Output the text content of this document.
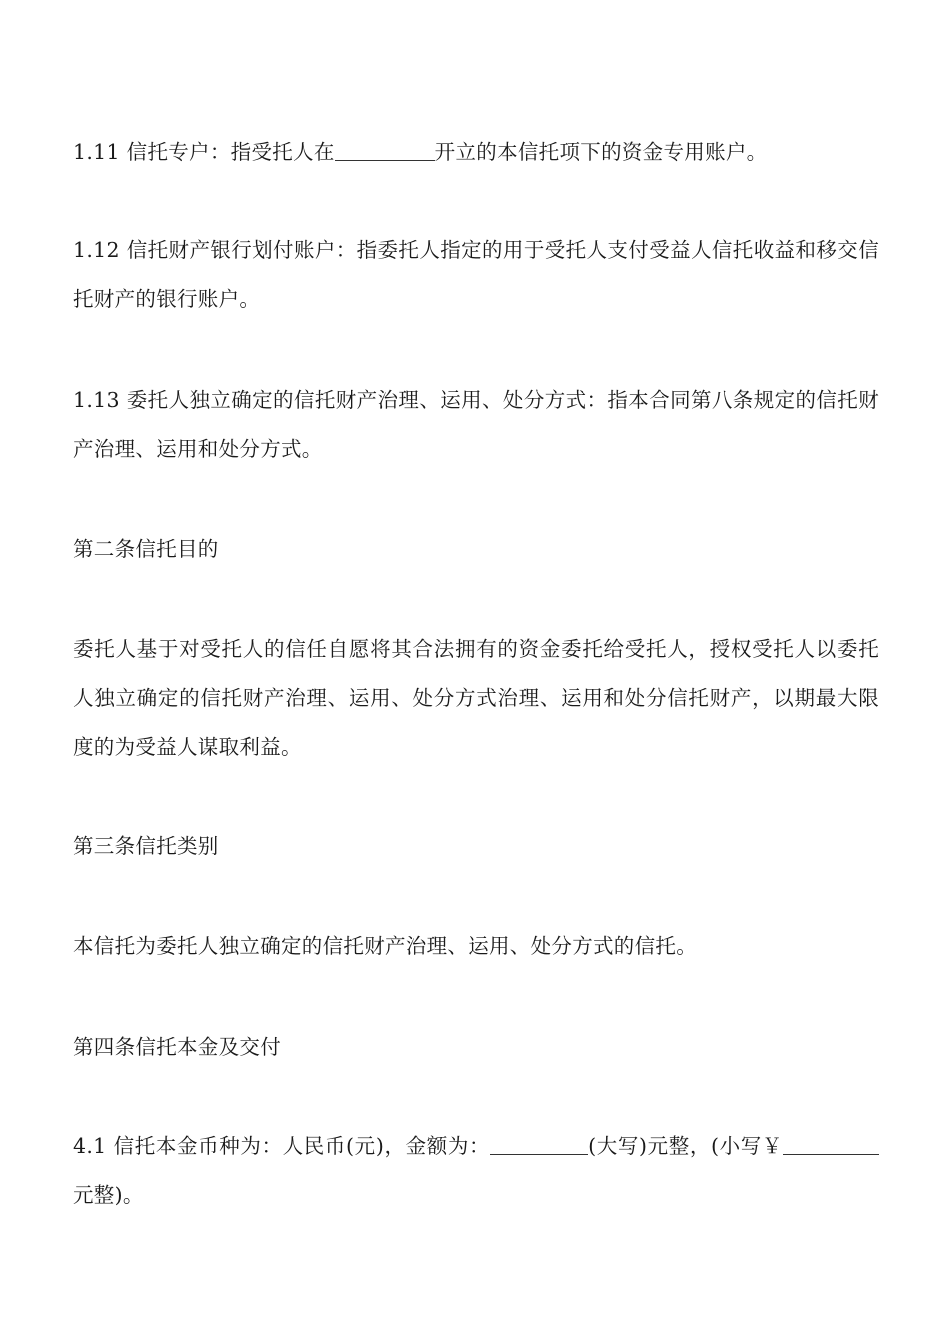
1.11 信托专户：指受托人在	开立的本信托项下的资金专用账户。

1.12 信托财产银行划付账户：指委托人指定的用于受托人支付受益人信托收益和移交信托财产的银行账户。

1.13 委托人独立确定的信托财产治理、运用、处分方式：指本合同第八条规定的信托财产治理、运用和处分方式。

第二条信托目的

委托人基于对受托人的信任自愿将其合法拥有的资金委托给受托人，授权受托人以委托人独立确定的信托财产治理、运用、处分方式治理、运用和处分信托财产，以期最大限度的为受益人谋取利益。

第三条信托类别

本信托为委托人独立确定的信托财产治理、运用、处分方式的信托。

第四条信托本金及交付

4.1 信托本金币种为：人民币(元)，金额为：	(大写)元整，(小写￥元整)。
